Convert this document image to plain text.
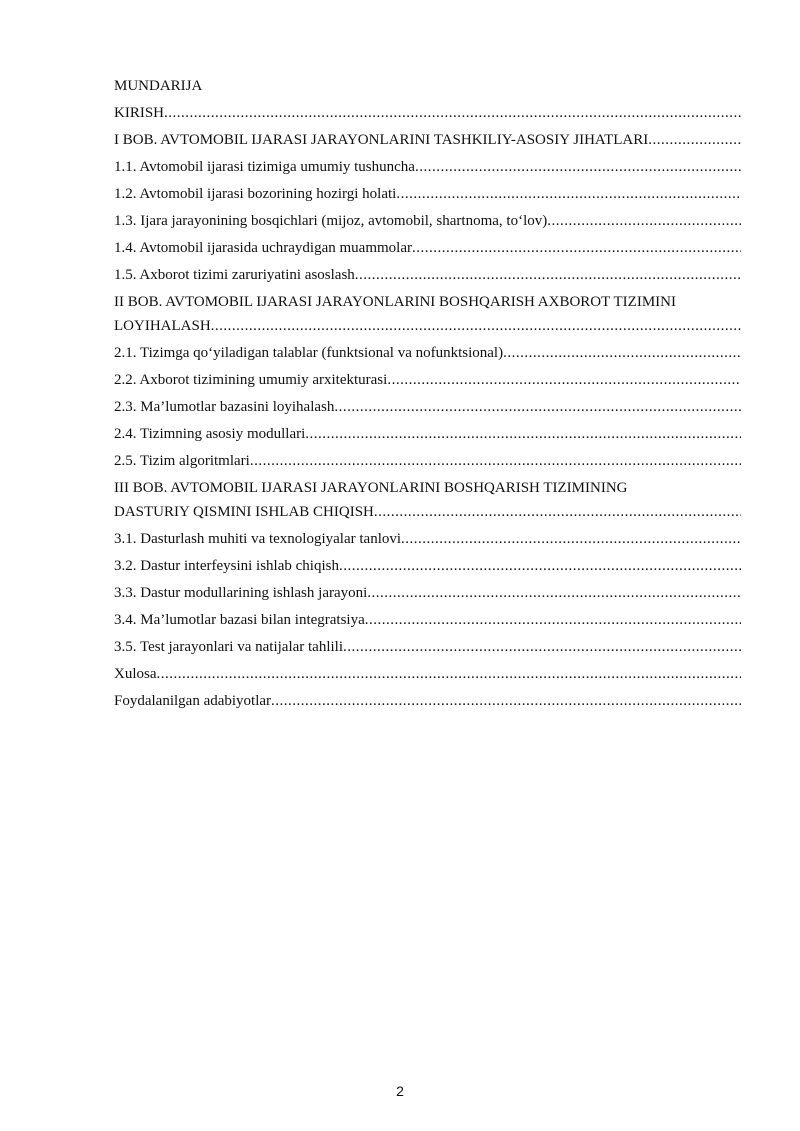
MUNDARIJA
KIRISH
.....
I BOB. AVTOMOBIL IJARASI JARAYONLARINI TASHKILIY-ASOSIY JIHATLARI
.....
1.1. Avtomobil ijarasi tizimiga umumiy tushuncha
.....
1.2. Avtomobil ijarasi bozorining hozirgi holati
.....
1.3. Ijara jarayonining bosqichlari (mijoz, avtomobil, shartnoma, to‘lov)
.....
1.4. Avtomobil ijarasida uchraydigan muammolar
.....
1.5. Axborot tizimi zaruriyatini asoslash
.....
II BOB. AVTOMOBIL IJARASI JARAYONLARINI BOSHQARISH AXBOROT TIZIMINI
LOYIHALASH
.....
2.1. Tizimga qo‘yiladigan talablar (funktsional va nofunktsional)
.....
2.2. Axborot tizimining umumiy arxitekturasi
.....
2.3. Ma’lumotlar bazasini loyihalash
.....
2.4. Tizimning asosiy modullari
.....
2.5. Tizim algoritmlari
.....
III BOB. AVTOMOBIL IJARASI JARAYONLARINI BOSHQARISH TIZIMINING
DASTURIY QISMINI ISHLAB CHIQISH
.....
3.1. Dasturlash muhiti va texnologiyalar tanlovi
.....
3.2. Dastur interfeysini ishlab chiqish
.....
3.3. Dastur modullarining ishlash jarayoni
.....
3.4. Ma’lumotlar bazasi bilan integratsiya
.....
3.5. Test jarayonlari va natijalar tahlili
.....
Xulosa
.....
Foydalanilgan adabiyotlar
.....
2
